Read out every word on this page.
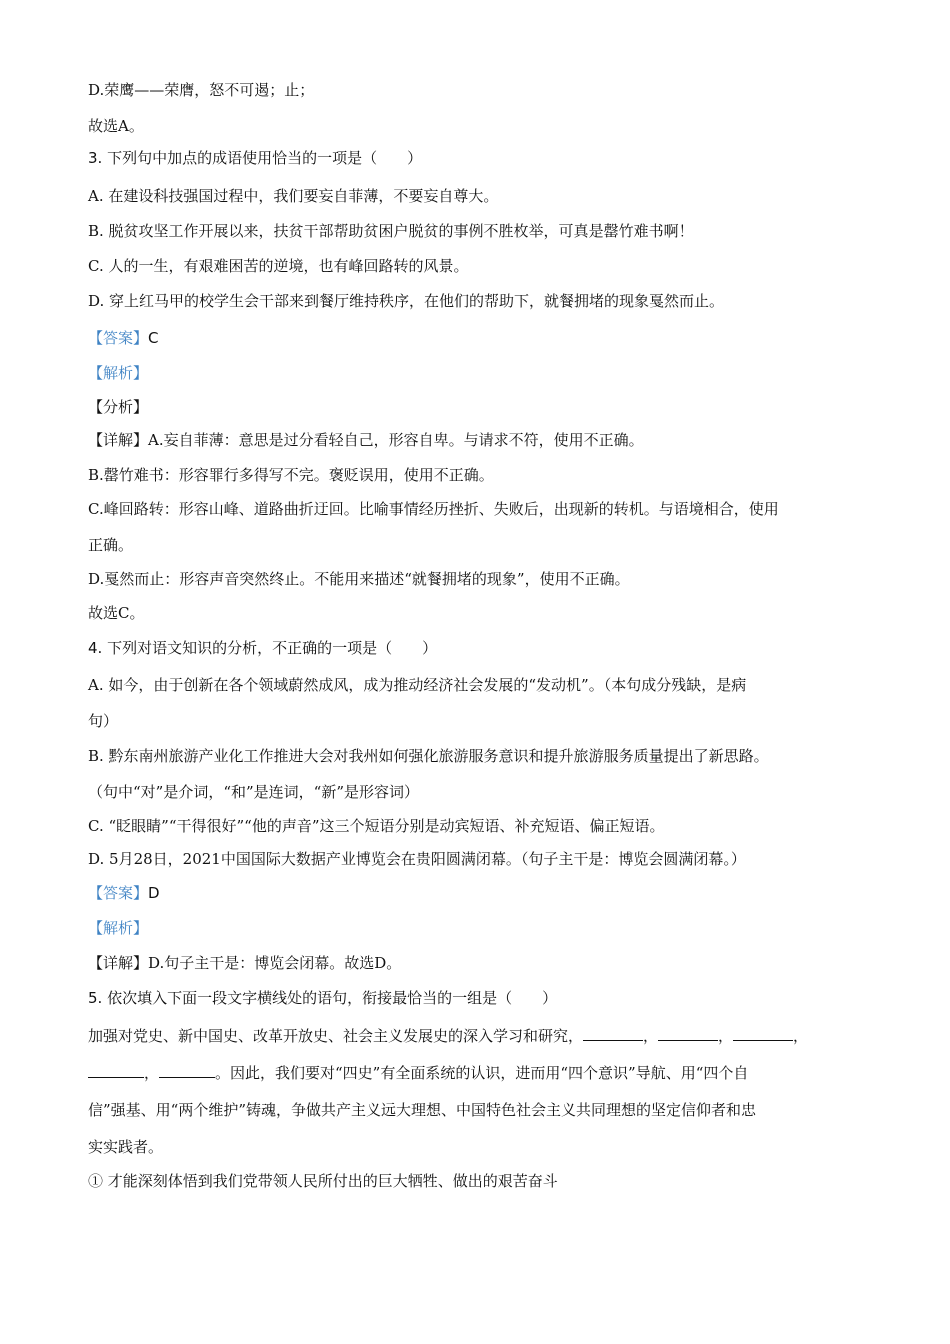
D.荣鹰——荣膺，怒不可遏；止；
故选A。
3. 下列句中加点的成语使用恰当的一项是（　　）
A. 在建设科技强国过程中，我们要妄自菲薄，不要妄自尊大。
B. 脱贫攻坚工作开展以来，扶贫干部帮助贫困户脱贫的事例不胜枚举，可真是罄竹难书啊！
C. 人的一生，有艰难困苦的逆境，也有峰回路转的风景。
D. 穿上红马甲的校学生会干部来到餐厅维持秩序，在他们的帮助下，就餐拥堵的现象戛然而止。
【答案】C
【解析】
【分析】
【详解】A.妄自菲薄：意思是过分看轻自己，形容自卑。与请求不符，使用不正确。
B.罄竹难书：形容罪行多得写不完。褒贬误用，使用不正确。
C.峰回路转：形容山峰、道路曲折迂回。比喻事情经历挫折、失败后，出现新的转机。与语境相合，使用
正确。
D.戛然而止：形容声音突然终止。不能用来描述“就餐拥堵的现象”，使用不正确。
故选C。
4. 下列对语文知识的分析，不正确的一项是（　　）
A. 如今，由于创新在各个领域蔚然成风，成为推动经济社会发展的“发动机”。（本句成分残缺，是病
句）
B. 黔东南州旅游产业化工作推进大会对我州如何强化旅游服务意识和提升旅游服务质量提出了新思路。
（句中“对”是介词，“和”是连词，“新”是形容词）
C. “眨眼睛”“干得很好”“他的声音”这三个短语分别是动宾短语、补充短语、偏正短语。
D. 5月28日，2021中国国际大数据产业博览会在贵阳圆满闭幕。（句子主干是：博览会圆满闭幕。）
【答案】D
【解析】
【详解】D.句子主干是：博览会闭幕。故选D。
5. 依次填入下面一段文字横线处的语句，衔接最恰当的一组是（　　）
加强对党史、新中国史、改革开放史、社会主义发展史的深入学习和研究，	，	，	，
，	。因此，我们要对“四史”有全面系统的认识，进而用“四个意识”导航、用“四个自
信”强基、用“两个维护”铸魂，争做共产主义远大理想、中国特色社会主义共同理想的坚定信仰者和忠
实实践者。
① 才能深刻体悟到我们党带领人民所付出的巨大牺牲、做出的艰苦奋斗
